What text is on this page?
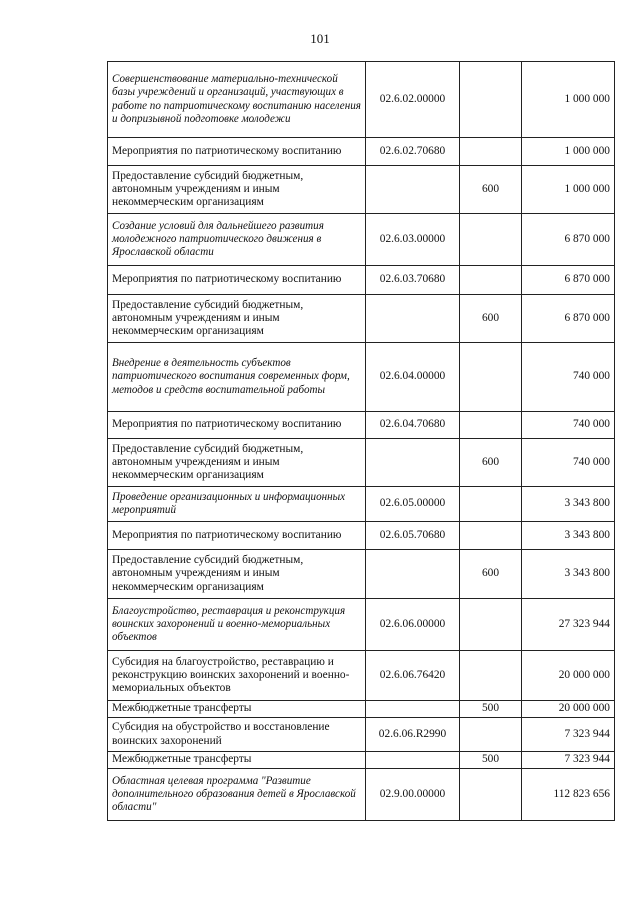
101
Совершенствование материально-технической базы учреждений и организаций, участвующих в работе по патриотическому воспитанию населения и допризывной подготовке молодежи	02.6.02.00000		1 000 000
Мероприятия по патриотическому воспитанию	02.6.02.70680		1 000 000
Предоставление субсидий бюджетным, автономным учреждениям и иным некоммерческим организациям		600	1 000 000
Создание условий для дальнейшего развития молодежного патриотического движения в Ярославской области	02.6.03.00000		6 870 000
Мероприятия по патриотическому воспитанию	02.6.03.70680		6 870 000
Предоставление субсидий бюджетным, автономным учреждениям и иным некоммерческим организациям		600	6 870 000
Внедрение в деятельность субъектов патриотического воспитания современных форм, методов и средств воспитательной работы	02.6.04.00000		740 000
Мероприятия по патриотическому воспитанию	02.6.04.70680		740 000
Предоставление субсидий бюджетным, автономным учреждениям и иным некоммерческим организациям		600	740 000
Проведение организационных и информационных мероприятий	02.6.05.00000		3 343 800
Мероприятия по патриотическому воспитанию	02.6.05.70680		3 343 800
Предоставление субсидий бюджетным, автономным учреждениям и иным некоммерческим организациям		600	3 343 800
Благоустройство, реставрация и реконструкция воинских захоронений и военно-мемориальных объектов	02.6.06.00000		27 323 944
Субсидия на благоустройство, реставрацию и реконструкцию воинских захоронений и военно-мемориальных объектов	02.6.06.76420		20 000 000
Межбюджетные трансферты		500	20 000 000
Субсидия на обустройство и восстановление воинских захоронений	02.6.06.R2990		7 323 944
Межбюджетные трансферты		500	7 323 944
Областная целевая программа "Развитие дополнительного образования детей в Ярославской области"	02.9.00.00000		112 823 656
